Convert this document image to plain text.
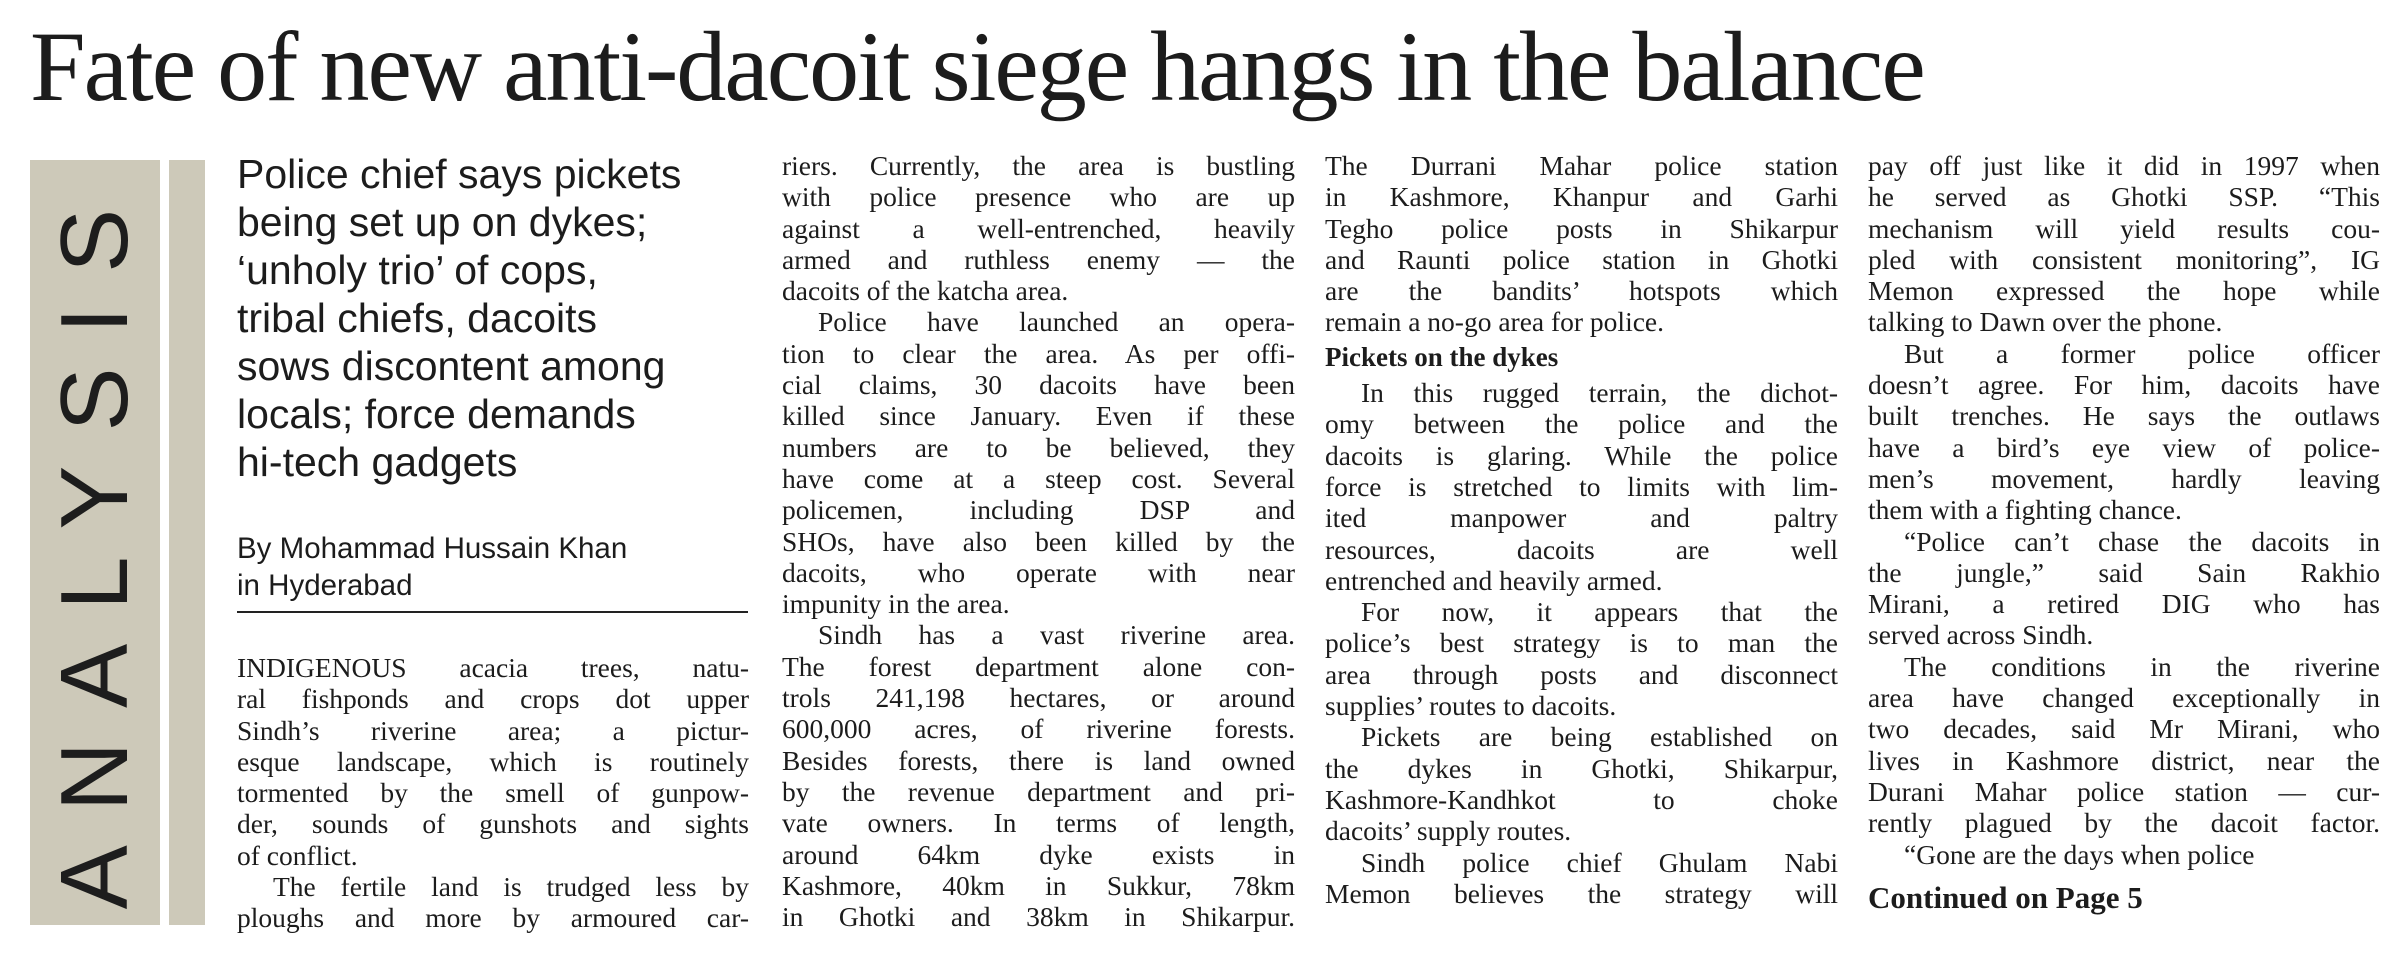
Fate of new anti-dacoit siege hangs in the balance
ANALYSIS
Police chief says pickets
being set up on dykes;
‘unholy trio’ of cops,
tribal chiefs, dacoits
sows discontent among
locals; force demands
hi-tech gadgets
By Mohammad Hussain Khan
in Hyderabad
INDIGENOUS acacia trees, natu-
ral fishponds and crops dot upper
Sindh’s riverine area; a pictur-
esque landscape, which is routinely
tormented by the smell of gunpow-
der, sounds of gunshots and sights
of conflict.
The fertile land is trudged less by
ploughs and more by armoured car-
riers. Currently, the area is bustling
with police presence who are up
against a well-entrenched, heavily
armed and ruthless enemy — the
dacoits of the katcha area.
Police have launched an opera-
tion to clear the area. As per offi-
cial claims, 30 dacoits have been
killed since January. Even if these
numbers are to be believed, they
have come at a steep cost. Several
policemen, including DSP and
SHOs, have also been killed by the
dacoits, who operate with near
impunity in the area.
Sindh has a vast riverine area.
The forest department alone con-
trols 241,198 hectares, or around
600,000 acres, of riverine forests.
Besides forests, there is land owned
by the revenue department and pri-
vate owners. In terms of length,
around 64km dyke exists in
Kashmore, 40km in Sukkur, 78km
in Ghotki and 38km in Shikarpur.
The Durrani Mahar police station
in Kashmore, Khanpur and Garhi
Tegho police posts in Shikarpur
and Raunti police station in Ghotki
are the bandits’ hotspots which
remain a no-go area for police.
Pickets on the dykes
In this rugged terrain, the dichot-
omy between the police and the
dacoits is glaring. While the police
force is stretched to limits with lim-
ited manpower and paltry
resources, dacoits are well
entrenched and heavily armed.
For now, it appears that the
police’s best strategy is to man the
area through posts and disconnect
supplies’ routes to dacoits.
Pickets are being established on
the dykes in Ghotki, Shikarpur,
Kashmore-Kandhkot to choke
dacoits’ supply routes.
Sindh police chief Ghulam Nabi
Memon believes the strategy will
pay off just like it did in 1997 when
he served as Ghotki SSP. “This
mechanism will yield results cou-
pled with consistent monitoring”, IG
Memon expressed the hope while
talking to Dawn over the phone.
But a former police officer
doesn’t agree. For him, dacoits have
built trenches. He says the outlaws
have a bird’s eye view of police-
men’s movement, hardly leaving
them with a fighting chance.
“Police can’t chase the dacoits in
the jungle,” said Sain Rakhio
Mirani, a retired DIG who has
served across Sindh.
The conditions in the riverine
area have changed exceptionally in
two decades, said Mr Mirani, who
lives in Kashmore district, near the
Durani Mahar police station — cur-
rently plagued by the dacoit factor.
“Gone are the days when police
Continued on Page 5
